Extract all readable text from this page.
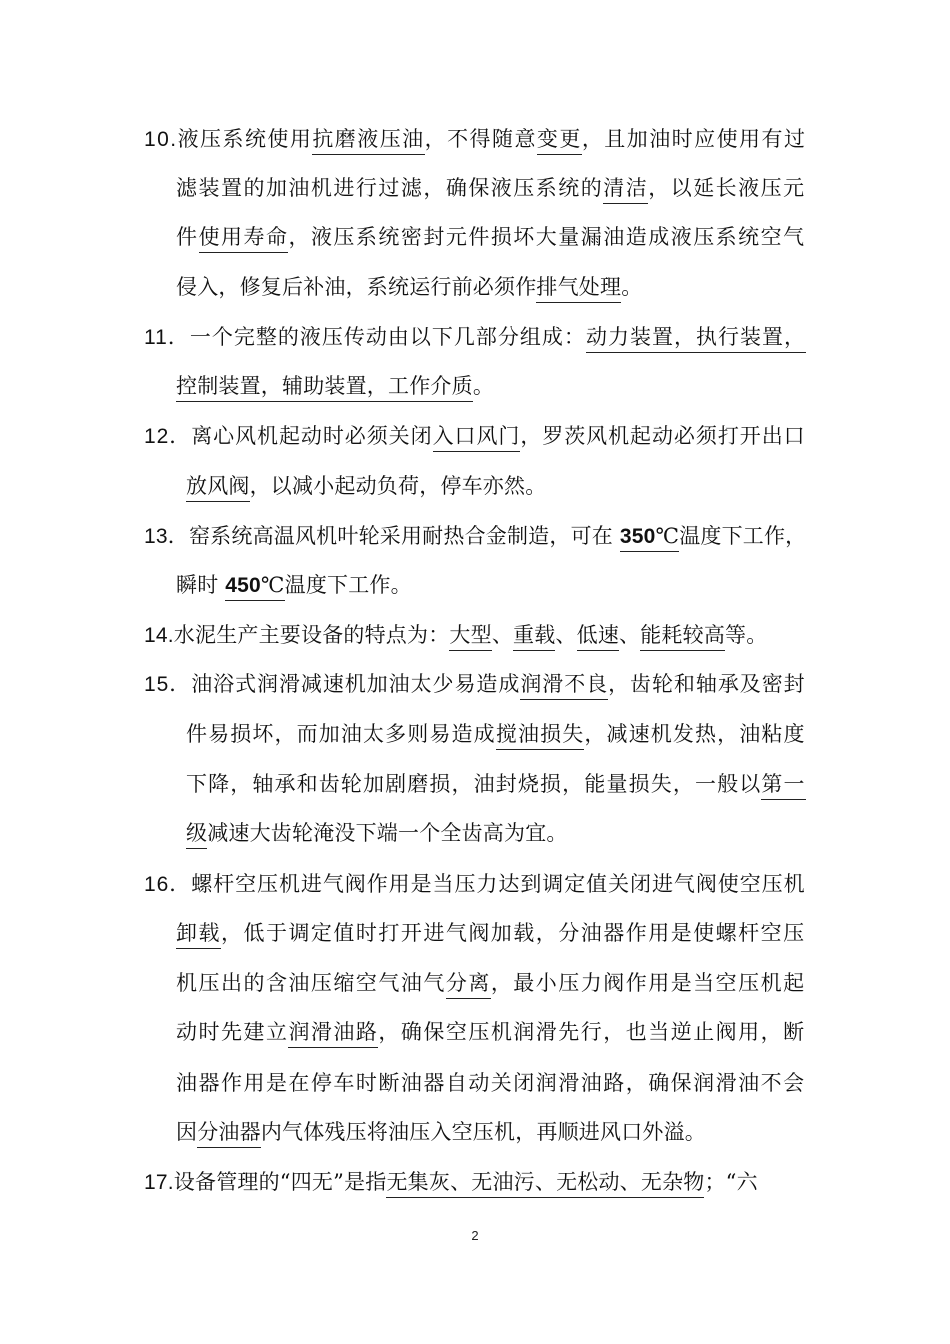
10.液压系统使用抗磨液压油，不得随意变更，且加油时应使用有过
滤装置的加油机进行过滤，确保液压系统的清洁，以延长液压元
件使用寿命，液压系统密封元件损坏大量漏油造成液压系统空气
侵入，修复后补油，系统运行前必须作排气处理。
11．一个完整的液压传动由以下几部分组成：动力装置，执行装置，
控制装置，辅助装置，工作介质。
12．离心风机起动时必须关闭入口风门，罗茨风机起动必须打开出口
放风阀，以减小起动负荷，停车亦然。
13．窑系统高温风机叶轮采用耐热合金制造，可在 350℃温度下工作，
瞬时 450℃温度下工作。
14.水泥生产主要设备的特点为：大型、重载、低速、能耗较高等。
15．油浴式润滑减速机加油太少易造成润滑不良，齿轮和轴承及密封
件易损坏，而加油太多则易造成搅油损失，减速机发热，油粘度
下降，轴承和齿轮加剧磨损，油封烧损，能量损失，一般以第一
级减速大齿轮淹没下端一个全齿高为宜。
16．螺杆空压机进气阀作用是当压力达到调定值关闭进气阀使空压机
卸载，低于调定值时打开进气阀加载，分油器作用是使螺杆空压
机压出的含油压缩空气油气分离，最小压力阀作用是当空压机起
动时先建立润滑油路，确保空压机润滑先行，也当逆止阀用，断
油器作用是在停车时断油器自动关闭润滑油路，确保润滑油不会
因分油器内气体残压将油压入空压机，再顺进风口外溢。
17.设备管理的“四无”是指无集灰、无油污、无松动、无杂物；“六
2
